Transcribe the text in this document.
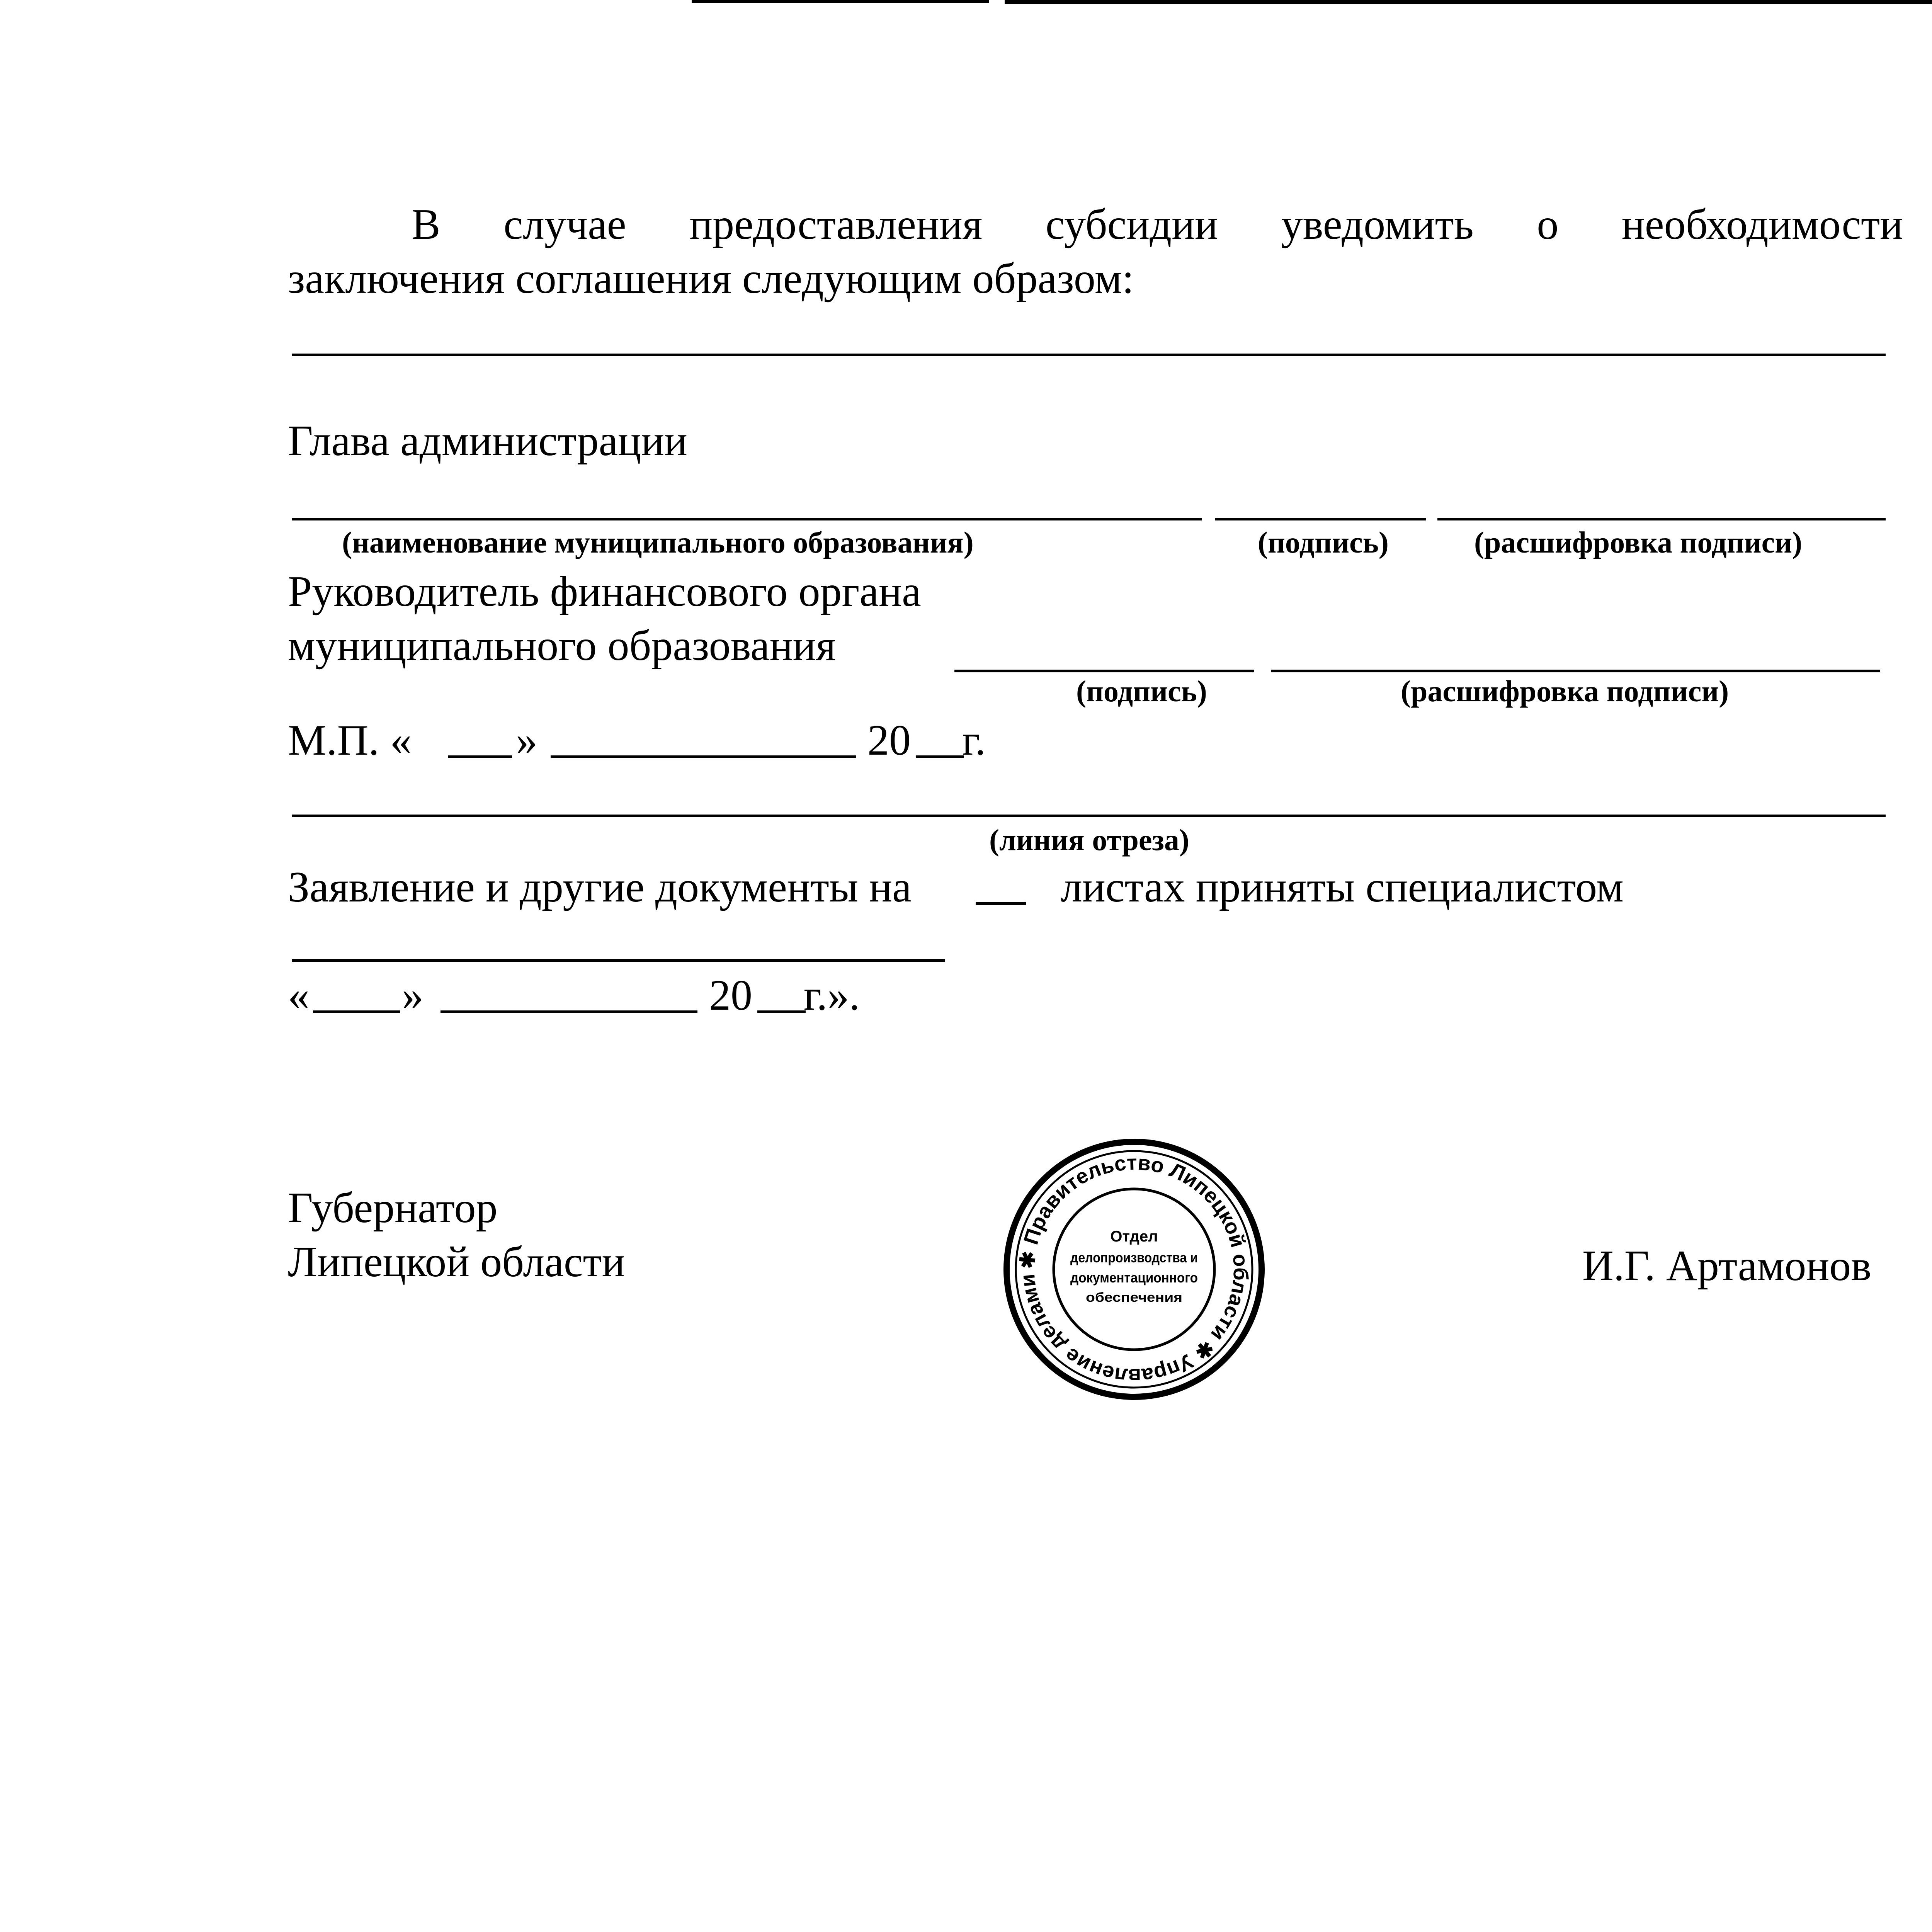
В случае предоставления субсидии уведомить о необходимости
заключения соглашения следующим образом:
Глава администрации
(наименование муниципального образования)	(подпись)	(расшифровка подписи)
Руководитель финансового органа
муниципального образования
(подпись)	(расшифровка подписи)
М.П. « »	20 г.
(линия отреза)
Заявление и другие документы на	листах приняты специалистом
« »	20 г.».
Губернатор
Липецкой области	И.Г. Артамонов
✱ Правительство Липецкой области ✱ Управление делами
Отдел
делопроизводства и
документационного
обеспечения
